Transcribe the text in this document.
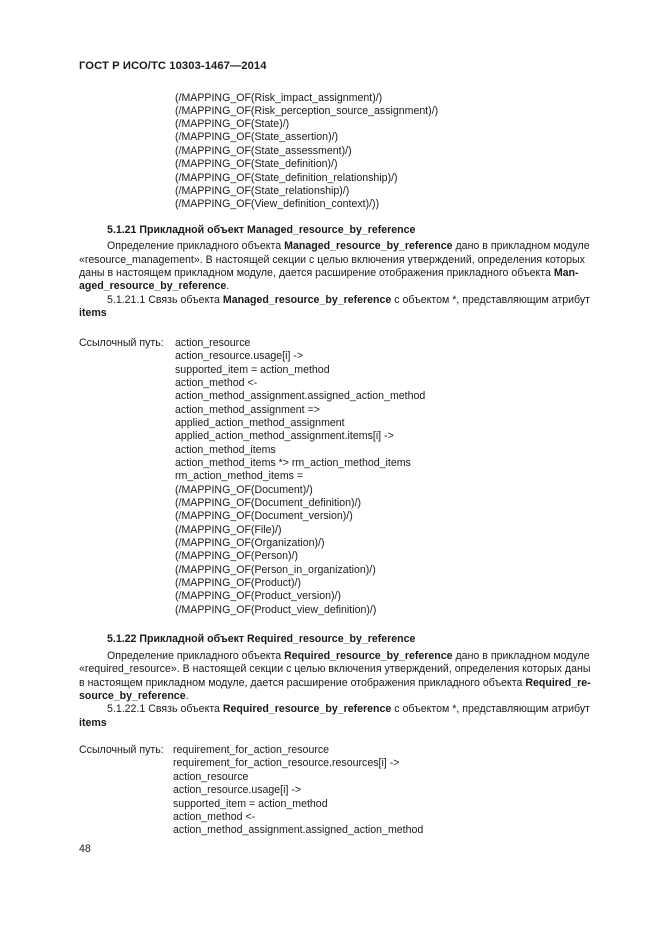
ГОСТ Р ИСО/ТС 10303-1467—2014
(/MAPPING_OF(Risk_impact_assignment)/)
(/MAPPING_OF(Risk_perception_source_assignment)/)
(/MAPPING_OF(State)/)
(/MAPPING_OF(State_assertion)/)
(/MAPPING_OF(State_assessment)/)
(/MAPPING_OF(State_definition)/)
(/MAPPING_OF(State_definition_relationship)/)
(/MAPPING_OF(State_relationship)/)
(/MAPPING_OF(View_definition_context)/))
5.1.21 Прикладной объект Managed_resource_by_reference
Определение прикладного объекта Managed_resource_by_reference дано в прикладном модуле
«resource_management». В настоящей секции с целью включения утверждений, определения которых
даны в настоящем прикладном модуле, дается расширение отображения прикладного объекта Man-
aged_resource_by_reference.
5.1.21.1 Связь объекта Managed_resource_by_reference с объектом *, представляющим атрибут
items
Ссылочный путь: action_resource
action_resource.usage[i] ->
supported_item = action_method
action_method <-
action_method_assignment.assigned_action_method
action_method_assignment =>
applied_action_method_assignment
applied_action_method_assignment.items[i] ->
action_method_items
action_method_items *> rm_action_method_items
rm_action_method_items =
(/MAPPING_OF(Document)/)
(/MAPPING_OF(Document_definition)/)
(/MAPPING_OF(Document_version)/)
(/MAPPING_OF(File)/)
(/MAPPING_OF(Organization)/)
(/MAPPING_OF(Person)/)
(/MAPPING_OF(Person_in_organization)/)
(/MAPPING_OF(Product)/)
(/MAPPING_OF(Product_version)/)
(/MAPPING_OF(Product_view_definition)/)
5.1.22 Прикладной объект Required_resource_by_reference
Определение прикладного объекта Required_resource_by_reference дано в прикладном модуле
«required_resource». В настоящей секции с целью включения утверждений, определения которых даны
в настоящем прикладном модуле, дается расширение отображения прикладного объекта Required_re-
source_by_reference.
5.1.22.1 Связь объекта Required_resource_by_reference с объектом *, представляющим атрибут
items
Ссылочный путь: requirement_for_action_resource
requirement_for_action_resource.resources[i] ->
action_resource
action_resource.usage[i] ->
supported_item = action_method
action_method <-
action_method_assignment.assigned_action_method
48
